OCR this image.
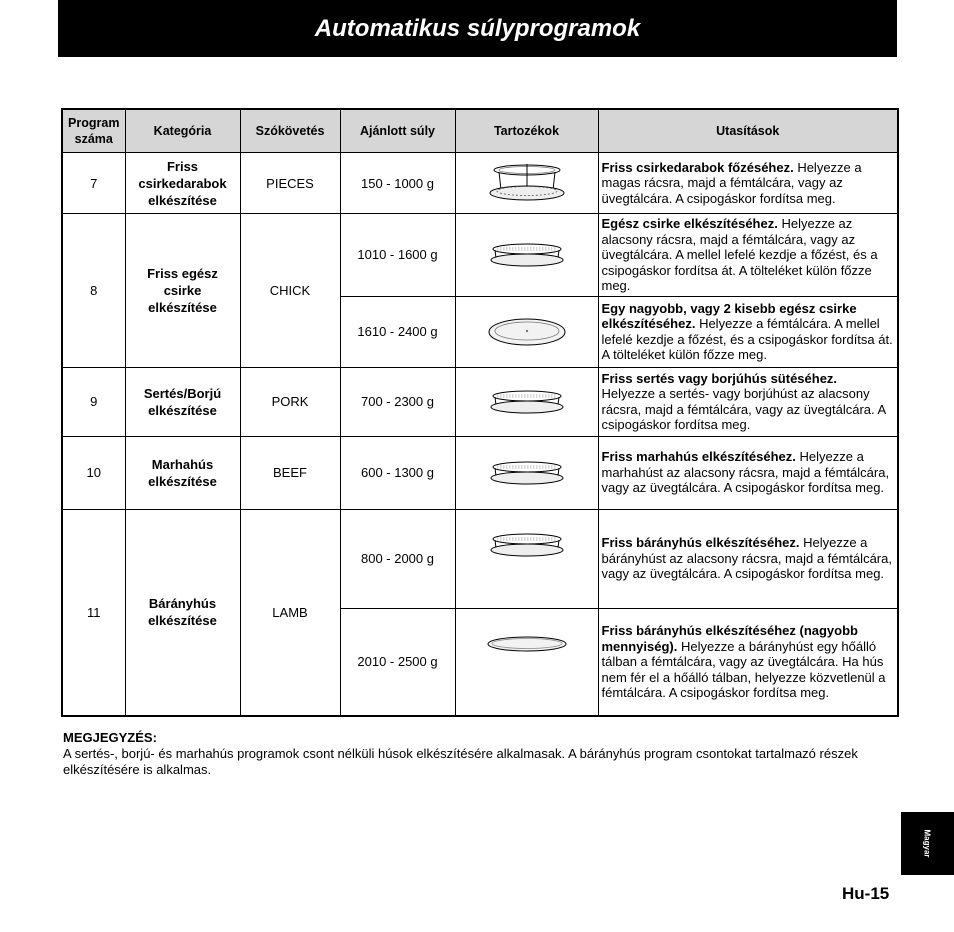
Automatikus súlyprogramok
Program száma	Kategória	Szókövetés	Ajánlott súly	Tartozékok	Utasítások
7	Friss csirkedarabok elkészítése	PIECES	150 - 1000 g		Friss csirkedarabok főzéséhez. Helyezze a magas rácsra, majd a fémtálcára, vagy az üvegtálcára. A csipogáskor fordítsa meg.
8	Friss egész csirke elkészítése	CHICK	1010 - 1600 g		Egész csirke elkészítéséhez. Helyezze az alacsony rácsra, majd a fémtálcára, vagy az üvegtálcára. A mellel lefelé kezdje a főzést, és a csipogáskor fordítsa át. A tölteléket külön főzze meg.
			1610 - 2400 g		Egy nagyobb, vagy 2 kisebb egész csirke elkészítéséhez. Helyezze a fémtálcára. A mellel lefelé kezdje a főzést, és a csipogáskor fordítsa át. A tölteléket külön főzze meg.
9	Sertés/Borjú elkészítése	PORK	700 - 2300 g		Friss sertés vagy borjúhús sütéséhez. Helyezze a sertés- vagy borjúhúst az alacsony rácsra, majd a fémtálcára, vagy az üvegtálcára. A csipogáskor fordítsa meg.
10	Marhahús elkészítése	BEEF	600 - 1300 g		Friss marhahús elkészítéséhez. Helyezze a marhahúst az alacsony rácsra, majd a fémtálcára, vagy az üvegtálcára. A csipogáskor fordítsa meg.
11	Bárányhús elkészítése	LAMB	800 - 2000 g		Friss bárányhús elkészítéséhez. Helyezze a bárányhúst az alacsony rácsra, majd a fémtálcára, vagy az üvegtálcára. A csipogáskor fordítsa meg.
			2010 - 2500 g		Friss bárányhús elkészítéséhez (nagyobb mennyiség). Helyezze a bárányhúst egy hőálló tálban a fémtálcára, vagy az üvegtálcára. Ha hús nem fér el a hőálló tálban, helyezze közvetlenül a fémtálcára. A csipogáskor fordítsa meg.
MEGJEGYZÉS:
A sertés-, borjú- és marhahús programok csont nélküli húsok elkészítésére alkalmasak. A bárányhús program csontokat tartalmazó részek elkészítésére is alkalmas.
Magyar
Hu-15
